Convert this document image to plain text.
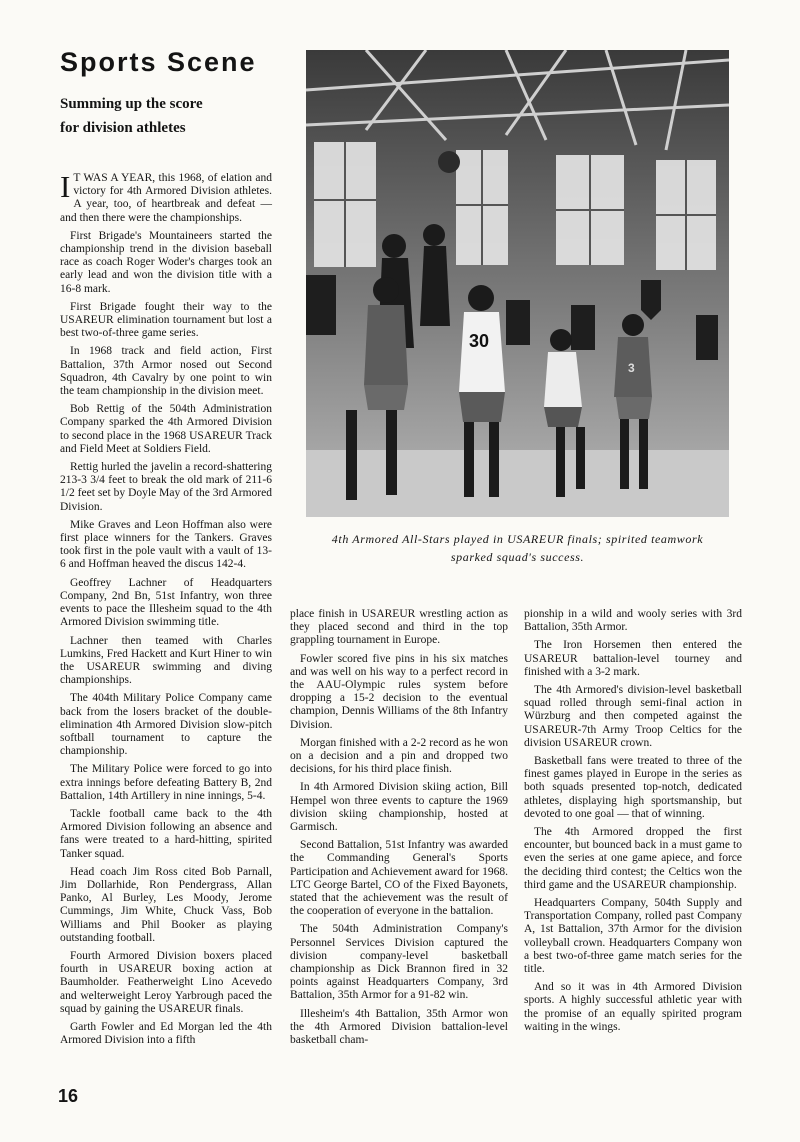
Sports Scene
Summing up the score
for division athletes
30
3
4th Armored All-Stars played in USAREUR finals; spirited teamwork
sparked squad's success.

I T WAS A YEAR, this 1968, of elation and victory for 4th Armored Division athletes. A year, too, of heartbreak and defeat — and then there were the championships.

First Brigade's Mountaineers started the championship trend in the division baseball race as coach Roger Woder's charges took an early lead and won the division title with a 16-8 mark.

First Brigade fought their way to the USAREUR elimination tournament but lost a best two-of-three game series.

In 1968 track and field action, First Battalion, 37th Armor nosed out Second Squadron, 4th Cavalry by one point to win the team championship in the division meet.

Bob Rettig of the 504th Administration Company sparked the 4th Armored Division to second place in the 1968 USAREUR Track and Field Meet at Soldiers Field.

Rettig hurled the javelin a record-shattering 213-3 3/4 feet to break the old mark of 211-6 1/2 feet set by Doyle May of the 3rd Armored Division.

Mike Graves and Leon Hoffman also were first place winners for the Tankers. Graves took first in the pole vault with a vault of 13-6 and Hoffman heaved the discus 142-4.

Geoffrey Lachner of Headquarters Company, 2nd Bn, 51st Infantry, won three events to pace the Illesheim squad to the 4th Armored Division swimming title.

Lachner then teamed with Charles Lumkins, Fred Hackett and Kurt Hiner to win the USAREUR swimming and diving championships.

The 404th Military Police Company came back from the losers bracket of the double-elimination 4th Armored Division slow-pitch softball tournament to capture the championship.

The Military Police were forced to go into extra innings before defeating Battery B, 2nd Battalion, 14th Artillery in nine innings, 5-4.

Tackle football came back to the 4th Armored Division following an absence and fans were treated to a hard-hitting, spirited Tanker squad.

Head coach Jim Ross cited Bob Parnall, Jim Dollarhide, Ron Pendergrass, Allan Panko, Al Burley, Les Moody, Jerome Cummings, Jim White, Chuck Vass, Bob Williams and Phil Booker as playing outstanding football.

Fourth Armored Division boxers placed fourth in USAREUR boxing action at Baumholder. Featherweight Lino Acevedo and welterweight Leroy Yarbrough paced the squad by gaining the USAREUR finals.

Garth Fowler and Ed Morgan led the 4th Armored Division into a fifth

place finish in USAREUR wrestling action as they placed second and third in the top grappling tournament in Europe.

Fowler scored five pins in his six matches and was well on his way to a perfect record in the AAU-Olympic rules system before dropping a 15-2 decision to the eventual champion, Dennis Williams of the 8th Infantry Division.

Morgan finished with a 2-2 record as he won on a decision and a pin and dropped two decisions, for his third place finish.

In 4th Armored Division skiing action, Bill Hempel won three events to capture the 1969 division skiing championship, hosted at Garmisch.

Second Battalion, 51st Infantry was awarded the Commanding General's Sports Participation and Achievement award for 1968. LTC George Bartel, CO of the Fixed Bayonets, stated that the achievement was the result of the cooperation of everyone in the battalion.

The 504th Administration Company's Personnel Services Division captured the division company-level basketball championship as Dick Brannon fired in 32 points against Headquarters Company, 3rd Battalion, 35th Armor for a 91-82 win.

Illesheim's 4th Battalion, 35th Armor won the 4th Armored Division battalion-level basketball cham-

pionship in a wild and wooly series with 3rd Battalion, 35th Armor.

The Iron Horsemen then entered the USAREUR battalion-level tourney and finished with a 3-2 mark.

The 4th Armored's division-level basketball squad rolled through semi-final action in Würzburg and then competed against the USAREUR-7th Army Troop Celtics for the division USAREUR crown.

Basketball fans were treated to three of the finest games played in Europe in the series as both squads presented top-notch, dedicated athletes, displaying high sportsmanship, but devoted to one goal — that of winning.

The 4th Armored dropped the first encounter, but bounced back in a must game to even the series at one game apiece, and force the deciding third contest; the Celtics won the third game and the USAREUR championship.

Headquarters Company, 504th Supply and Transportation Company, rolled past Company A, 1st Battalion, 37th Armor for the division volleyball crown. Headquarters Company won a best two-of-three game match series for the title.

And so it was in 4th Armored Division sports. A highly successful athletic year with the promise of an equally spirited program waiting in the wings.

16
